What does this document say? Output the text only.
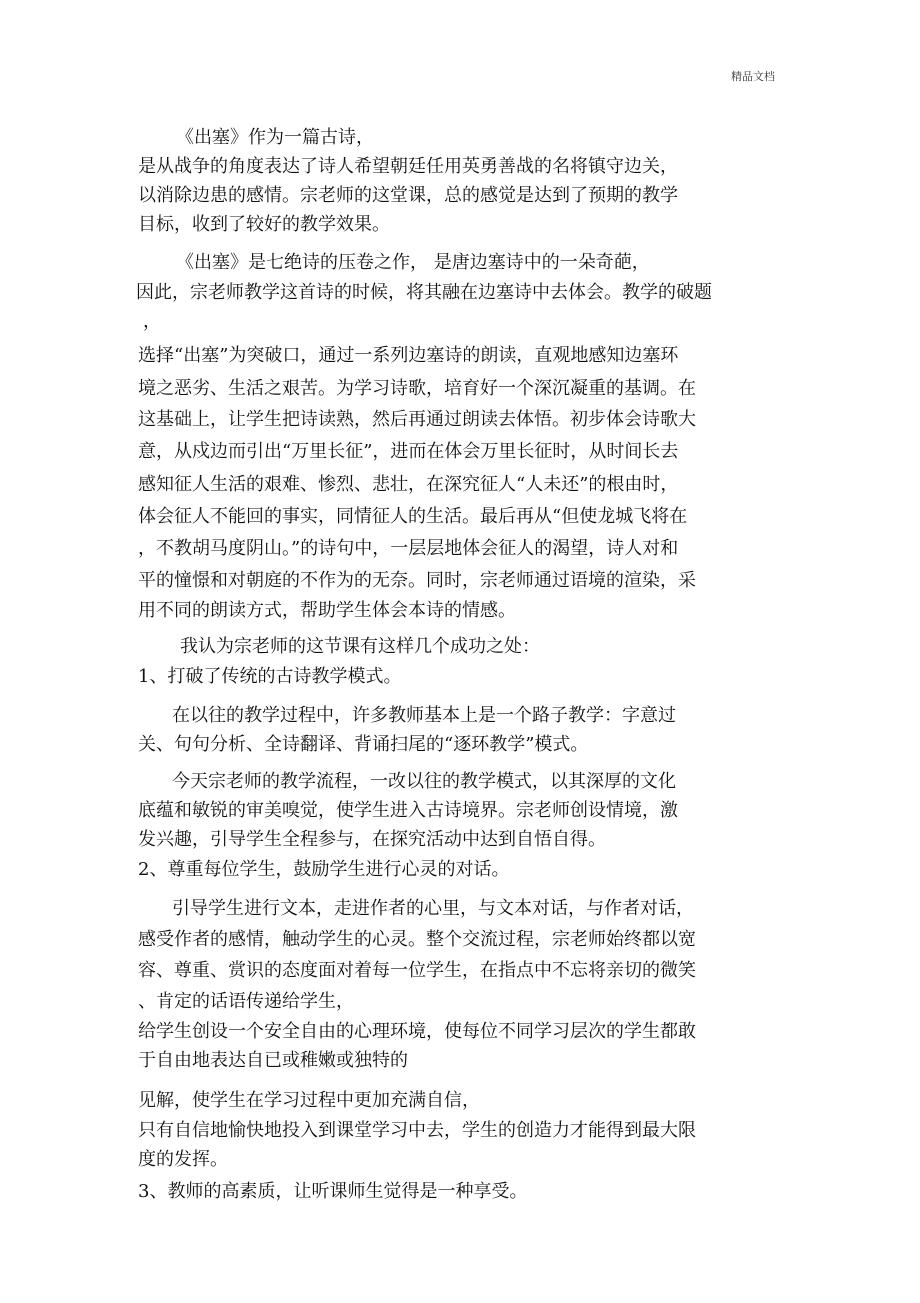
精品文档
《出塞》作为一篇古诗，
是从战争的角度表达了诗人希望朝廷任用英勇善战的名将镇守边关，
以消除边患的感情。宗老师的这堂课，总的感觉是达到了预期的教学
目标，收到了较好的教学效果。
《出塞》是七绝诗的压卷之作， 是唐边塞诗中的一朵奇葩，
因此，宗老师教学这首诗的时候，将其融在边塞诗中去体会。教学的破题
，
选择“出塞”为突破口，通过一系列边塞诗的朗读，直观地感知边塞环
境之恶劣、生活之艰苦。为学习诗歌，培育好一个深沉凝重的基调。在
这基础上，让学生把诗读熟，然后再通过朗读去体悟。初步体会诗歌大
意，从戍边而引出“万里长征”，进而在体会万里长征时，从时间长去
感知征人生活的艰难、惨烈、悲壮，在深究征人“人未还”的根由时，
体会征人不能回的事实，同情征人的生活。最后再从“但使龙城飞将在
，不教胡马度阴山。”的诗句中，一层层地体会征人的渴望，诗人对和
平的憧憬和对朝庭的不作为的无奈。同时，宗老师通过语境的渲染，采
用不同的朗读方式，帮助学生体会本诗的情感。
我认为宗老师的这节课有这样几个成功之处：
1、打破了传统的古诗教学模式。
在以往的教学过程中，许多教师基本上是一个路子教学：字意过
关、句句分析、全诗翻译、背诵扫尾的“逐环教学”模式。
今天宗老师的教学流程，一改以往的教学模式，以其深厚的文化
底蕴和敏锐的审美嗅觉，使学生进入古诗境界。宗老师创设情境，激
发兴趣，引导学生全程参与，在探究活动中达到自悟自得。
2、尊重每位学生，鼓励学生进行心灵的对话。
引导学生进行文本，走进作者的心里，与文本对话，与作者对话，
感受作者的感情，触动学生的心灵。整个交流过程，宗老师始终都以宽
容、尊重、赏识的态度面对着每一位学生，在指点中不忘将亲切的微笑
、肯定的话语传递给学生，
给学生创设一个安全自由的心理环境，使每位不同学习层次的学生都敢
于自由地表达自已或稚嫩或独特的
见解，使学生在学习过程中更加充满自信，
只有自信地愉快地投入到课堂学习中去，学生的创造力才能得到最大限
度的发挥。
3、教师的高素质，让听课师生觉得是一种享受。
